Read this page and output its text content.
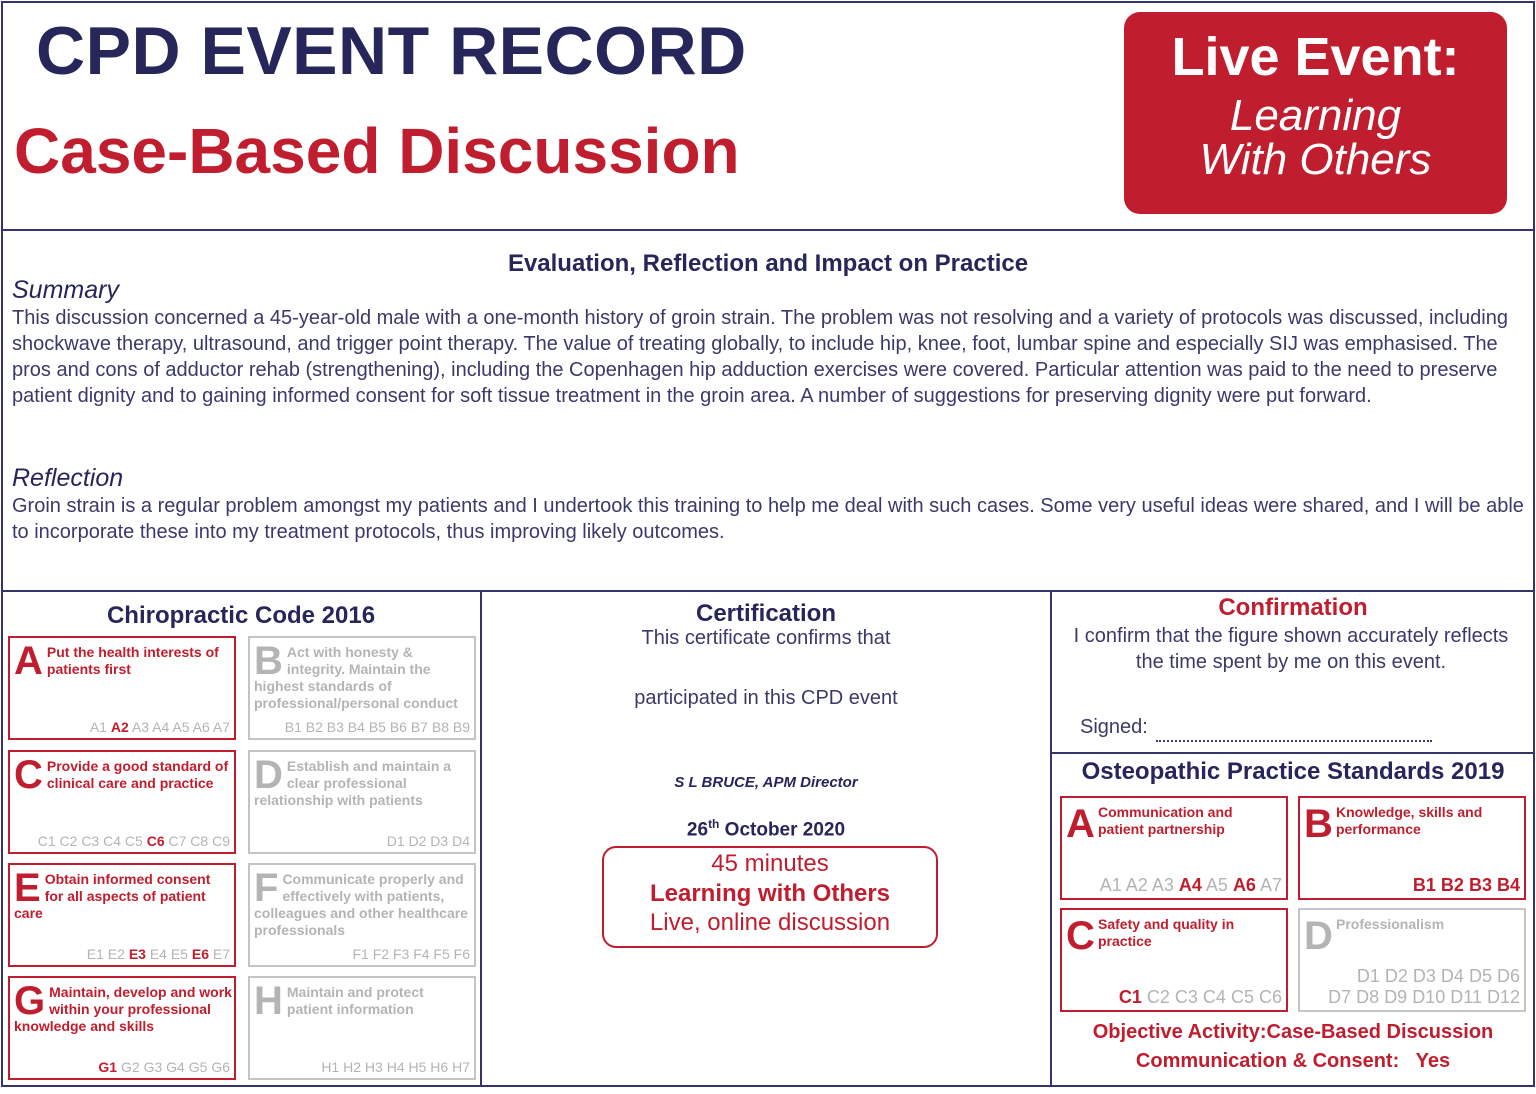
CPD EVENT RECORD
Case-Based Discussion
Live Event:
Learning
With Others
Evaluation, Reflection and Impact on Practice
Summary
This discussion concerned a 45-year-old male with a one-month history of groin strain. The problem was not resolving and a variety of protocols was discussed, including shockwave therapy, ultrasound, and trigger point therapy. The value of treating globally, to include hip, knee, foot, lumbar spine and especially SIJ was emphasised. The pros and cons of adductor rehab (strengthening), including the Copenhagen hip adduction exercises were covered. Particular attention was paid to the need to preserve patient dignity and to gaining informed consent for soft tissue treatment in the groin area. A number of suggestions for preserving dignity were put forward.
Reflection
Groin strain is a regular problem amongst my patients and I undertook this training to help me deal with such cases. Some very useful ideas were shared, and I will be able to incorporate these into my treatment protocols, thus improving likely outcomes.
Chiropractic Code 2016
A Put the health interests of patients first
A1 A2 A3 A4 A5 A6 A7
B Act with honesty & integrity. Maintain the highest standards of professional/personal conduct
B1 B2 B3 B4 B5 B6 B7 B8 B9
C Provide a good standard of clinical care and practice
C1 C2 C3 C4 C5 C6 C7 C8 C9
D Establish and maintain a clear professional relationship with patients
D1 D2 D3 D4
E Obtain informed consent for all aspects of patient care
E1 E2 E3 E4 E5 E6 E7
F Communicate properly and effectively with patients, colleagues and other healthcare professionals
F1 F2 F3 F4 F5 F6
G Maintain, develop and work within your professional knowledge and skills
G1 G2 G3 G4 G5 G6
H Maintain and protect patient information
H1 H2 H3 H4 H5 H6 H7
Certification
This certificate confirms that
participated in this CPD event
S L BRUCE, APM Director
26th October 2020
45 minutes
Learning with Others
Live, online discussion
Confirmation
I confirm that the figure shown accurately reflects the time spent by me on this event.
Signed:
Osteopathic Practice Standards 2019
A Communication and patient partnership
A1 A2 A3 A4 A5 A6 A7
B Knowledge, skills and performance
B1 B2 B3 B4
C Safety and quality in practice
C1 C2 C3 C4 C5 C6
D Professionalism
D1 D2 D3 D4 D5 D6
D7 D8 D9 D10 D11 D12
Objective Activity:Case-Based Discussion
Communication & Consent: Yes
